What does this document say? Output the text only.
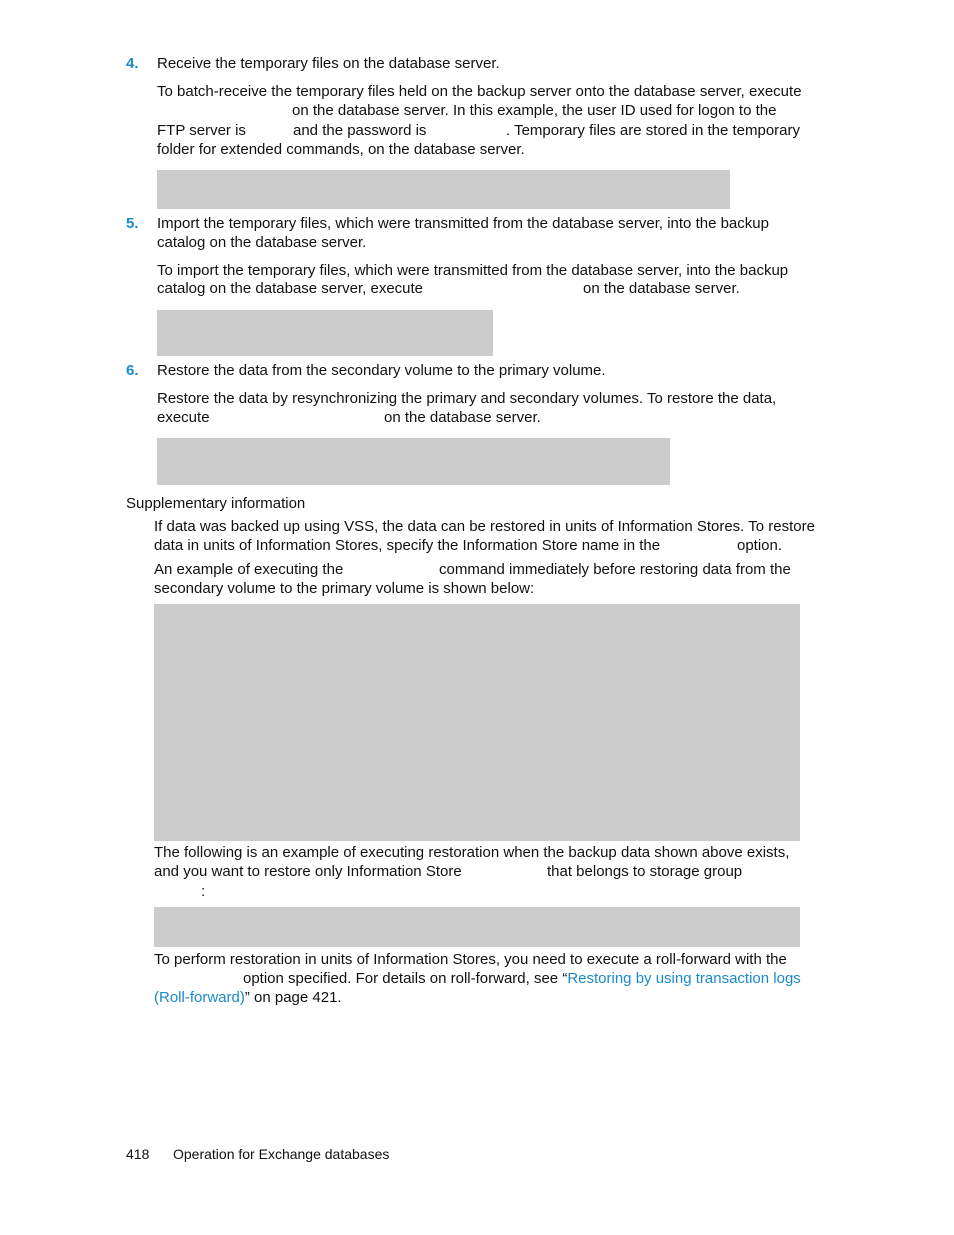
4. Receive the temporary files on the database server.
To batch-receive the temporary files held on the backup server onto the database server, execute
on the database server. In this example, the user ID used for logon to the
FTP server is	and the password is	. Temporary files are stored in the temporary
folder for extended commands, on the database server.
5. Import the temporary files, which were transmitted from the database server, into the backup
catalog on the database server.
To import the temporary files, which were transmitted from the database server, into the backup
catalog on the database server, execute	on the database server.
6. Restore the data from the secondary volume to the primary volume.
Restore the data by resynchronizing the primary and secondary volumes. To restore the data,
execute	on the database server.
Supplementary information
If data was backed up using VSS, the data can be restored in units of Information Stores. To restore
data in units of Information Stores, specify the Information Store name in the	option.
An example of executing the	command immediately before restoring data from the
secondary volume to the primary volume is shown below:
The following is an example of executing restoration when the backup data shown above exists,
and you want to restore only Information Store	that belongs to storage group
:
To perform restoration in units of Information Stores, you need to execute a roll-forward with the
option specified. For details on roll-forward, see “Restoring by using transaction logs
(Roll-forward)” on page 421.
418 Operation for Exchange databases
